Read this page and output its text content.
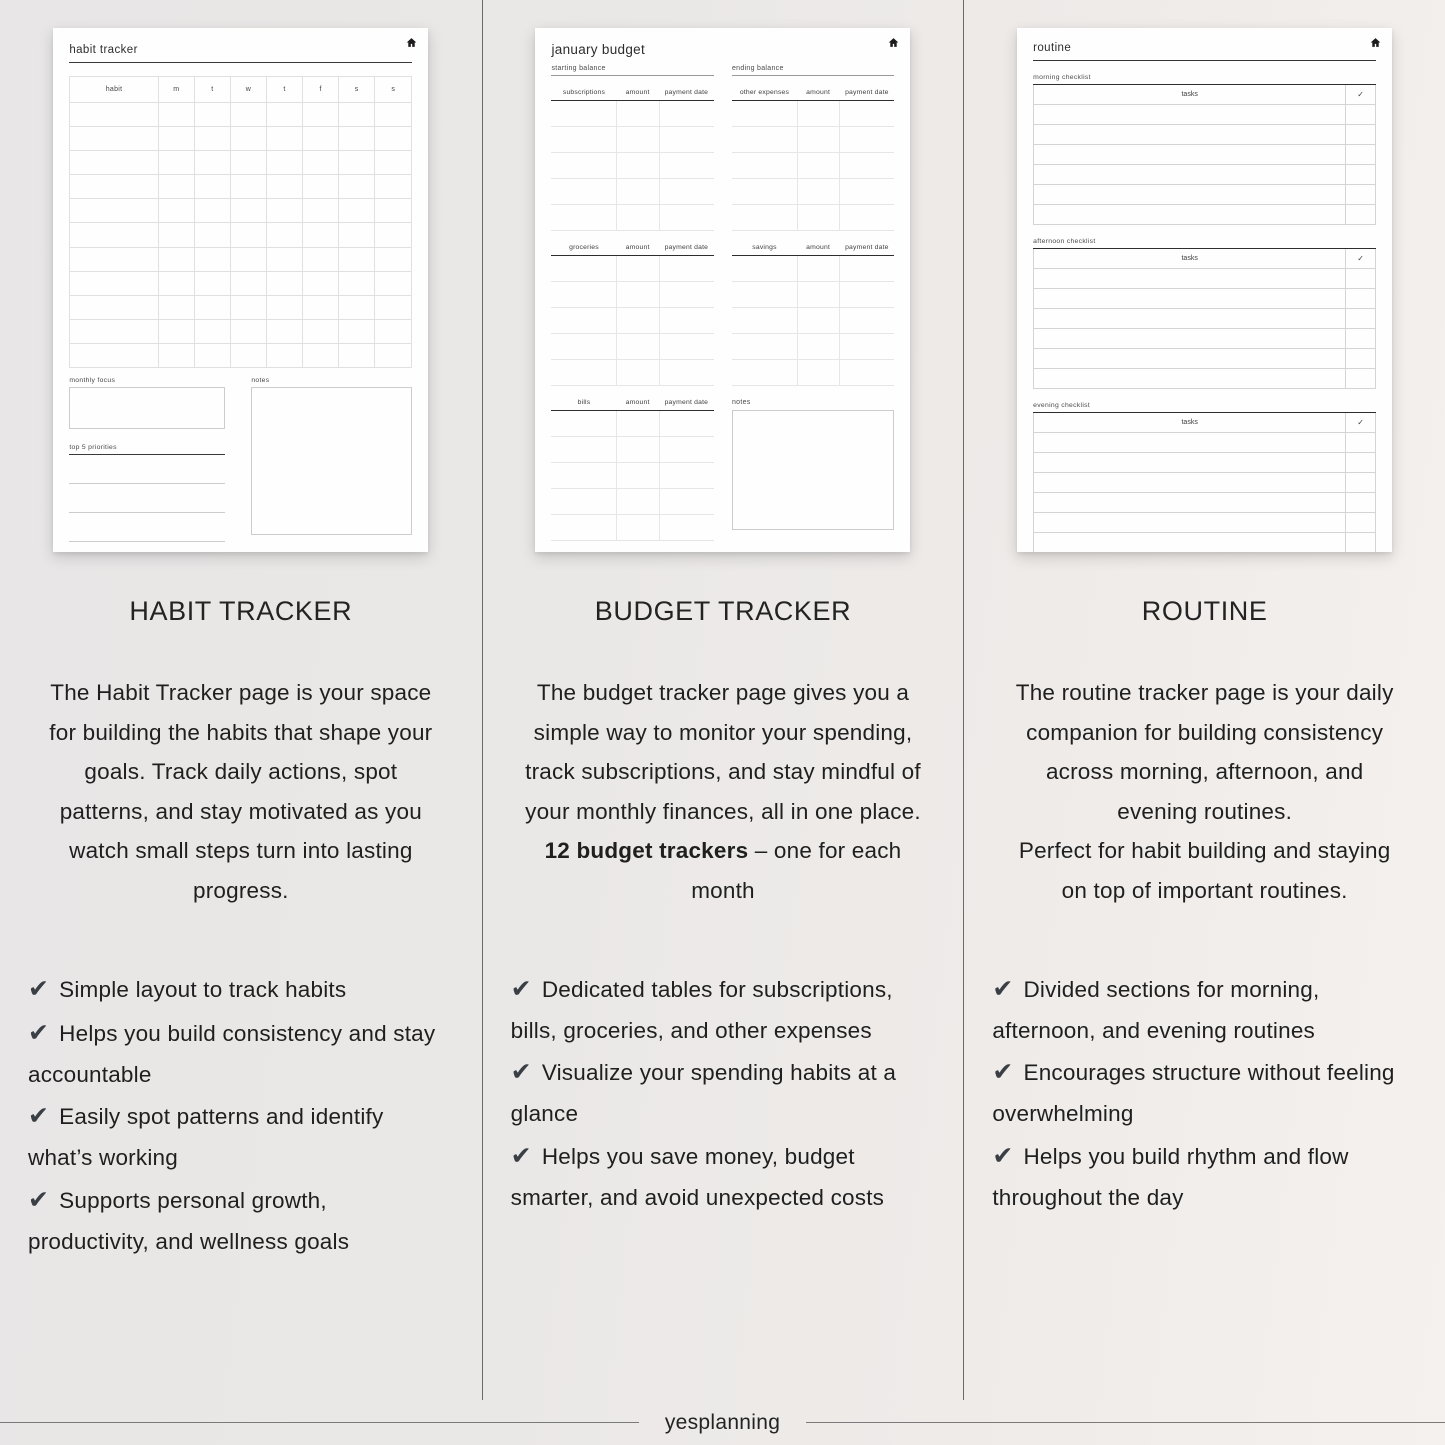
habit tracker
habit	m	t	w	t	f	s	s
monthly focus
top 5 priorities
notes
HABIT TRACKER

The Habit Tracker page is your space for building the habits that shape your goals. Track daily actions, spot patterns, and stay motivated as you watch small steps turn into lasting progress.

✔ Simple layout to track habits
✔ Helps you build consistency and stay accountable
✔ Easily spot patterns and identify what’s working
✔ Supports personal growth, productivity, and wellness goals
january budget
starting balance
subscriptions	amount	payment date
groceries	amount	payment date
bills	amount	payment date
ending balance
other expenses	amount	payment date
savings	amount	payment date
notes
BUDGET TRACKER

The budget tracker page gives you a simple way to monitor your spending, track subscriptions, and stay mindful of your monthly finances, all in one place.

12 budget trackers – one for each month

✔ Dedicated tables for subscriptions, bills, groceries, and other expenses
✔ Visualize your spending habits at a glance
✔ Helps you save money, budget smarter, and avoid unexpected costs
routine
morning checklist
tasks	✓
afternoon checklist
tasks	✓
evening checklist
tasks	✓
ROUTINE

The routine tracker page is your daily companion for building consistency across morning, afternoon, and evening routines.

Perfect for habit building and staying on top of important routines.

✔ Divided sections for morning, afternoon, and evening routines
✔ Encourages structure without feeling overwhelming
✔ Helps you build rhythm and flow throughout the day
yesplanning
